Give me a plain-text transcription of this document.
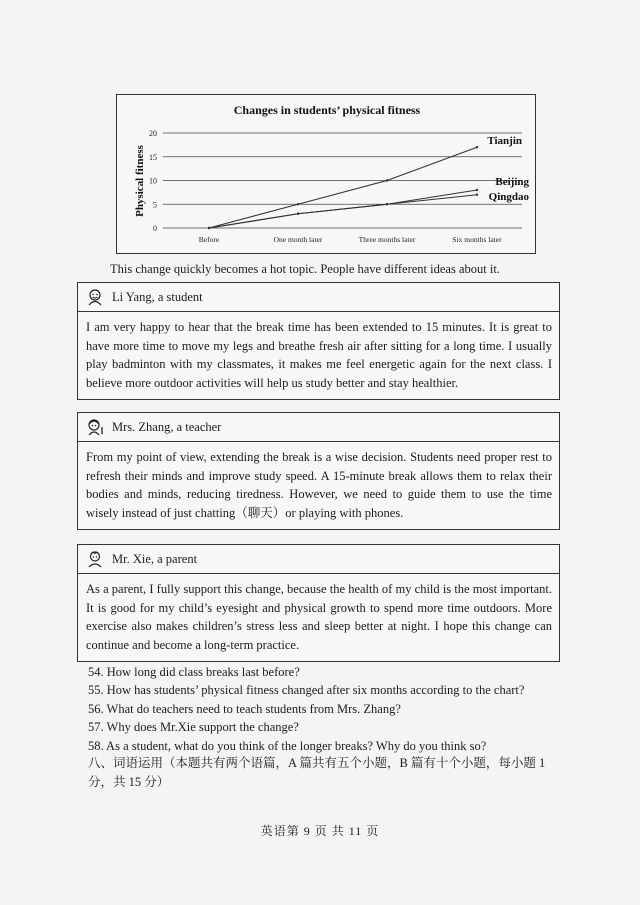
Changes in students’ physical fitness
Physical fitness
0
5
10
15
20
Before	One month later	Three months later	Six months later
Tianjin
Beijing
Qingdao
This change quickly becomes a hot topic. People have different ideas about it.
Li Yang, a student
I am very happy to hear that the break time has been extended to 15 minutes. It is great to have more time to move my legs and breathe fresh air after sitting for a long time. I usually play badminton with my classmates, it makes me feel energetic again for the next class. I believe more outdoor activities will help us study better and stay healthier.
Mrs. Zhang, a teacher
From my point of view, extending the break is a wise decision. Students need proper rest to refresh their minds and improve study speed. A 15-minute break allows them to relax their bodies and minds, reducing tiredness. However, we need to guide them to use the time wisely instead of just chatting（聊天）or playing with phones.
Mr. Xie, a parent
As a parent, I fully support this change, because the health of my child is the most important. It is good for my child’s eyesight and physical growth to spend more time outdoors. More exercise also makes children’s stress less and sleep better at night. I hope this change can continue and become a long-term practice.
54. How long did class breaks last before?
55. How has students’ physical fitness changed after six months according to the chart?
56. What do teachers need to teach students from Mrs. Zhang?
57. Why does Mr.Xie support the change?
58. As a student, what do you think of the longer breaks? Why do you think so?
八、词语运用（本题共有两个语篇，A 篇共有五个小题，B 篇有十个小题，每小题 1 分，共 15 分）
英语第 9 页 共 11 页
